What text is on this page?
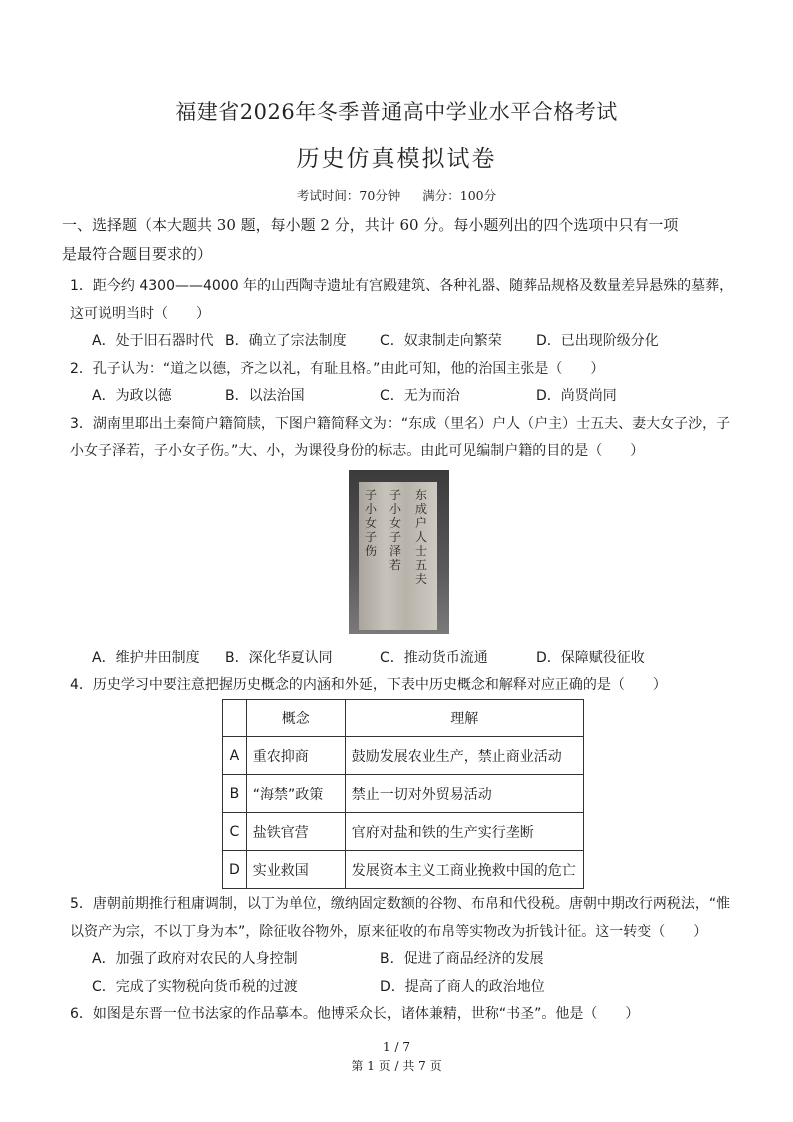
福建省2026年冬季普通高中学业水平合格考试
历史仿真模拟试卷
考试时间：70分钟 满分：100分
一、选择题（本大题共 30 题，每小题 2 分，共计 60 分。每小题列出的四个选项中只有一项
是最符合题目要求的）
1．距今约 4300——4000 年的山西陶寺遗址有宫殿建筑、各种礼器、随葬品规格及数量差异悬殊的墓葬，
这可说明当时（　　）
A．处于旧石器时代 B．确立了宗法制度 C．奴隶制走向繁荣 D．已出现阶级分化
2．孔子认为：“道之以德，齐之以礼，有耻且格。”由此可知，他的治国主张是（　　）
A．为政以德	B．以法治国	C．无为而治	D．尚贤尚同
3．湖南里耶出土秦简户籍简牍，下图户籍简释文为：“东成（里名）户人（户主）士五夫、妻大女子沙，子
小女子泽若，子小女子伤。”大、小，为课役身份的标志。由此可见编制户籍的目的是（　　）
子小女子伤
子小女子泽若
东成户人士五夫
A．维护井田制度 B．深化华夏认同	C．推动货币流通	D．保障赋役征收
4．历史学习中要注意把握历史概念的内涵和外延，下表中历史概念和解释对应正确的是（　　）
	概念	理解
A	重农抑商	鼓励发展农业生产，禁止商业活动
B	“海禁”政策	禁止一切对外贸易活动
C	盐铁官营	官府对盐和铁的生产实行垄断
D	实业救国	发展资本主义工商业挽救中国的危亡
5．唐朝前期推行租庸调制，以丁为单位，缴纳固定数额的谷物、布帛和代役税。唐朝中期改行两税法，“惟
以资产为宗，不以丁身为本”，除征收谷物外，原来征收的布帛等实物改为折钱计征。这一转变（　　）
A．加强了政府对农民的人身控制	B．促进了商品经济的发展
C．完成了实物税向货币税的过渡	D．提高了商人的政治地位
6．如图是东晋一位书法家的作品摹本。他博采众长，诸体兼精，世称“书圣”。他是（　　）
1 / 7
第 1 页 / 共 7 页
